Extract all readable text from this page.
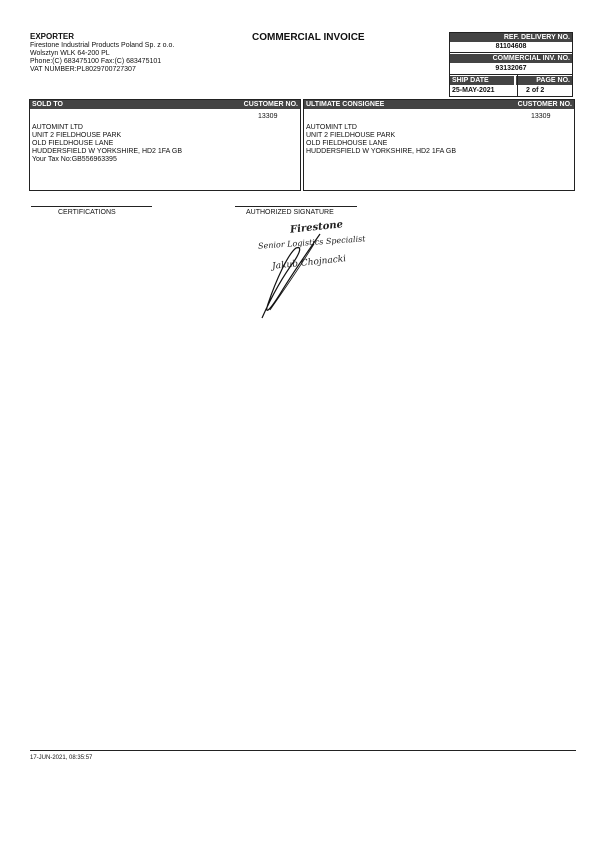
EXPORTER
Firestone Industrial Products Poland Sp. z o.o.
Wolsztyn WLK 64-200 PL
Phone:(C) 683475100 Fax:(C) 683475101
VAT NUMBER:PL8029700727307
COMMERCIAL INVOICE	REF. DELIVERY NO.
81104608
COMMERCIAL INV. NO.
93132067
SHIP DATE	PAGE NO.
25-MAY-2021	2 of 2
SOLD TO	CUSTOMER NO.
13309
AUTOMINT LTD
UNIT 2 FIELDHOUSE PARK
OLD FIELDHOUSE LANE
HUDDERSFIELD W YORKSHIRE, HD2 1FA GB
Your Tax No:GB556963395
ULTIMATE CONSIGNEE	CUSTOMER NO.
13309
AUTOMINT LTD
UNIT 2 FIELDHOUSE PARK
OLD FIELDHOUSE LANE
HUDDERSFIELD W YORKSHIRE, HD2 1FA GB
CERTIFICATIONS	AUTHORIZED SIGNATURE
Firestone
Senior Logistics Specialist
Jakub Chojnacki
17-JUN-2021, 08:35:57
